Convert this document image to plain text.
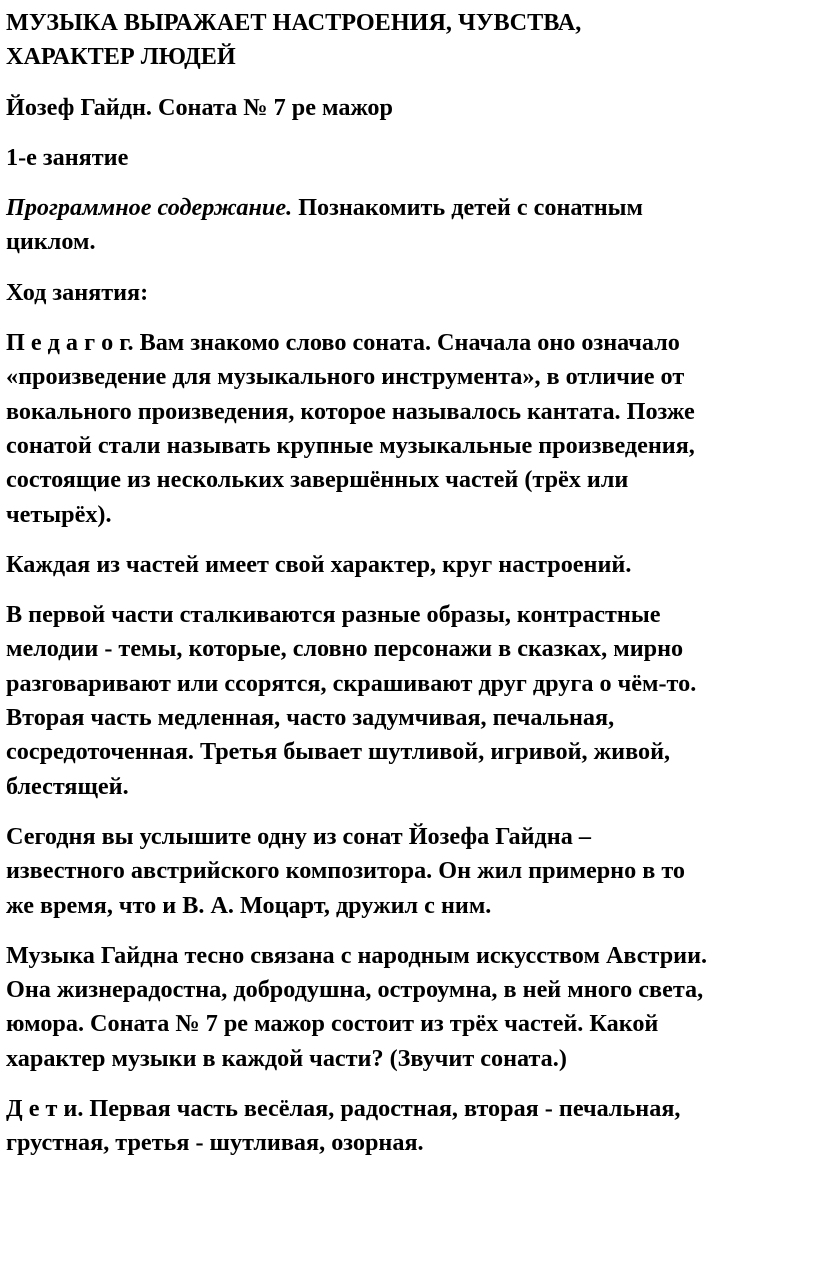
МУЗЫКА ВЫРАЖАЕТ НАСТРОЕНИЯ, ЧУВСТВА,
ХАРАКТЕР ЛЮДЕЙ

Йозеф Гайдн. Соната № 7 ре мажор

1-е занятие

Программное содержание. Познакомить детей с сонатным
циклом.

Ход занятия:

П е д а г о г. Вам знакомо слово соната. Сначала оно означало
«произведение для музыкального инструмента», в отличие от
вокального произведения, которое называлось кантата. Позже
сонатой стали называть крупные музыкальные произведения,
состоящие из нескольких завершённых частей (трёх или
четырёх).

Каждая из частей имеет свой характер, круг настроений.

В первой части сталкиваются разные образы, контрастные
мелодии - темы, которые, словно персонажи в сказках, мирно
разговаривают или ссорятся, скрашивают друг друга о чём-то.
Вторая часть медленная, часто задумчивая, печальная,
сосредоточенная. Третья бывает шутливой, игривой, живой,
блестящей.

Сегодня вы услышите одну из сонат Йозефа Гайдна –
известного австрийского композитора. Он жил примерно в то
же время, что и В. А. Моцарт, дружил с ним.

Музыка Гайдна тесно связана с народным искусством Австрии.
Она жизнерадостна, добродушна, остроумна, в ней много света,
юмора. Соната № 7 ре мажор состоит из трёх частей. Какой
характер музыки в каждой части? (Звучит соната.)

Д е т и. Первая часть весёлая, радостная, вторая - печальная,
грустная, третья - шутливая, озорная.
